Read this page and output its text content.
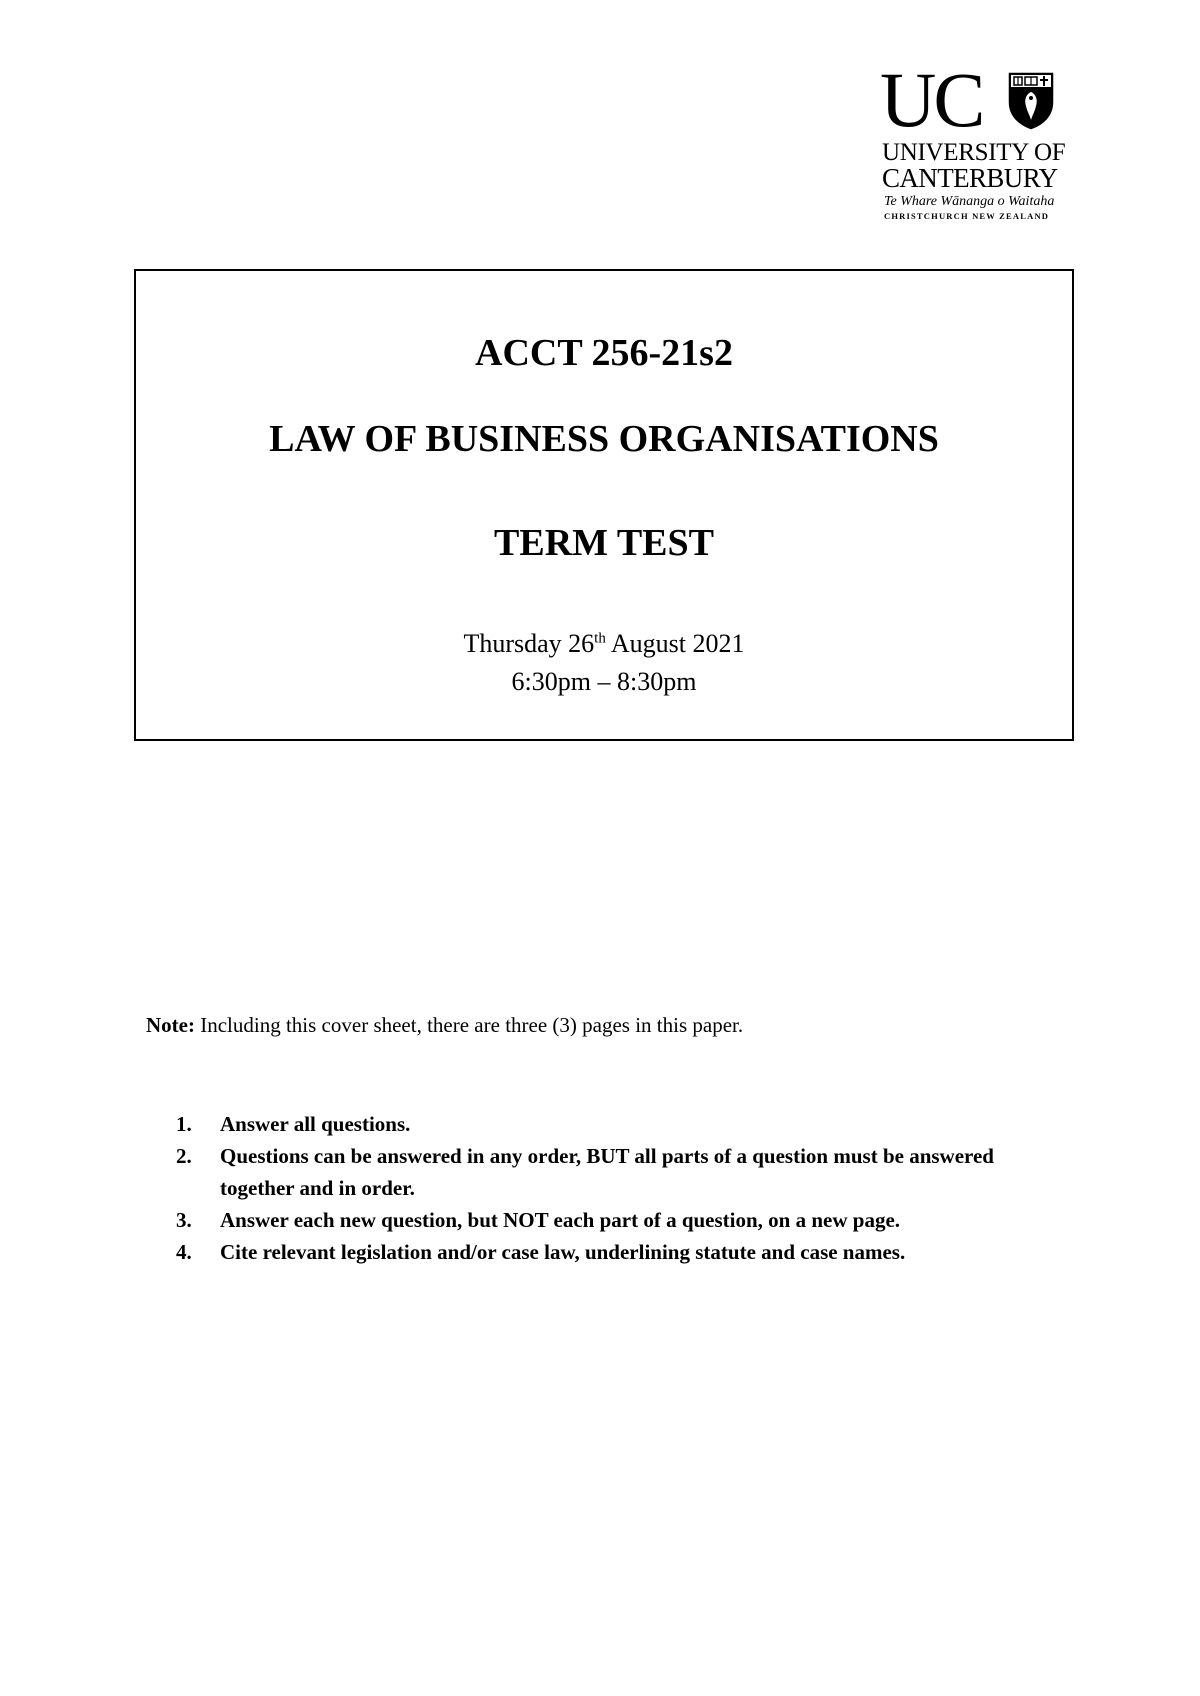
UC
UNIVERSITY OF
CANTERBURY
Te Whare Wānanga o Waitaha
CHRISTCHURCH NEW ZEALAND
ACCT 256-21s2
LAW OF BUSINESS ORGANISATIONS
TERM TEST
Thursday 26th August 2021
6:30pm – 8:30pm
Note: Including this cover sheet, there are three (3) pages in this paper.
1.	Answer all questions.
2.	Questions can be answered in any order, BUT all parts of a question must be answered together and in order.
3.	Answer each new question, but NOT each part of a question, on a new page.
4.	Cite relevant legislation and/or case law, underlining statute and case names.
